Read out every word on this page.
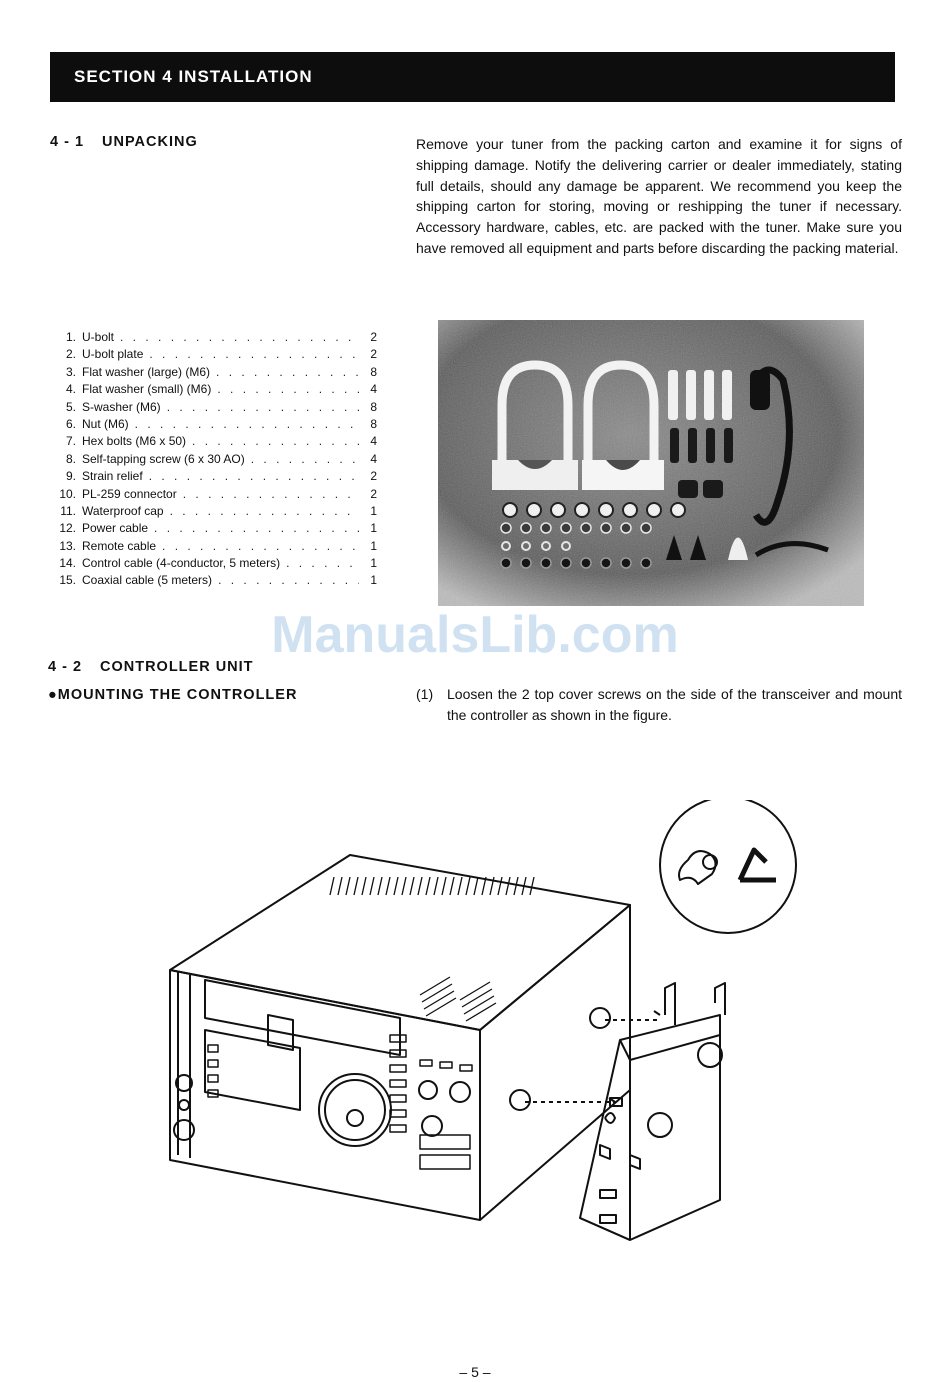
SECTION 4 INSTALLATION
4 - 1 UNPACKING	Remove your tuner from the packing carton and examine it for signs of shipping damage. Notify the delivering carrier or dealer immediately, stating full details, should any damage be apparent. We recommend you keep the shipping carton for storing, moving or reshipping the tuner if necessary. Accessory hardware, cables, etc. are packed with the tuner. Make sure you have removed all equipment and parts before discarding the packing material.
1. U-bolt . . .	2
2. U-bolt plate . . .	2
3. Flat washer (large) (M6) . . .	8
4. Flat washer (small) (M6) . . .	4
5. S-washer (M6) . . .	8
6. Nut (M6) . . .	8
7. Hex bolts (M6 x 50) . . .	4
8. Self-tapping screw (6 x 30 AO) . . .	4
9. Strain relief . . .	2
10. PL-259 connector . . .	2
11. Waterproof cap . . .	1
12. Power cable . . .	1
13. Remote cable . . .	1
14. Control cable (4-conductor, 5 meters) . . .	1
15. Coaxial cable (5 meters) . . .	1
ManualsLib.com
4 - 2 CONTROLLER UNIT
●MOUNTING THE CONTROLLER	(1) Loosen the 2 top cover screws on the side of the transceiver and mount the controller as shown in the figure.
– 5 –
